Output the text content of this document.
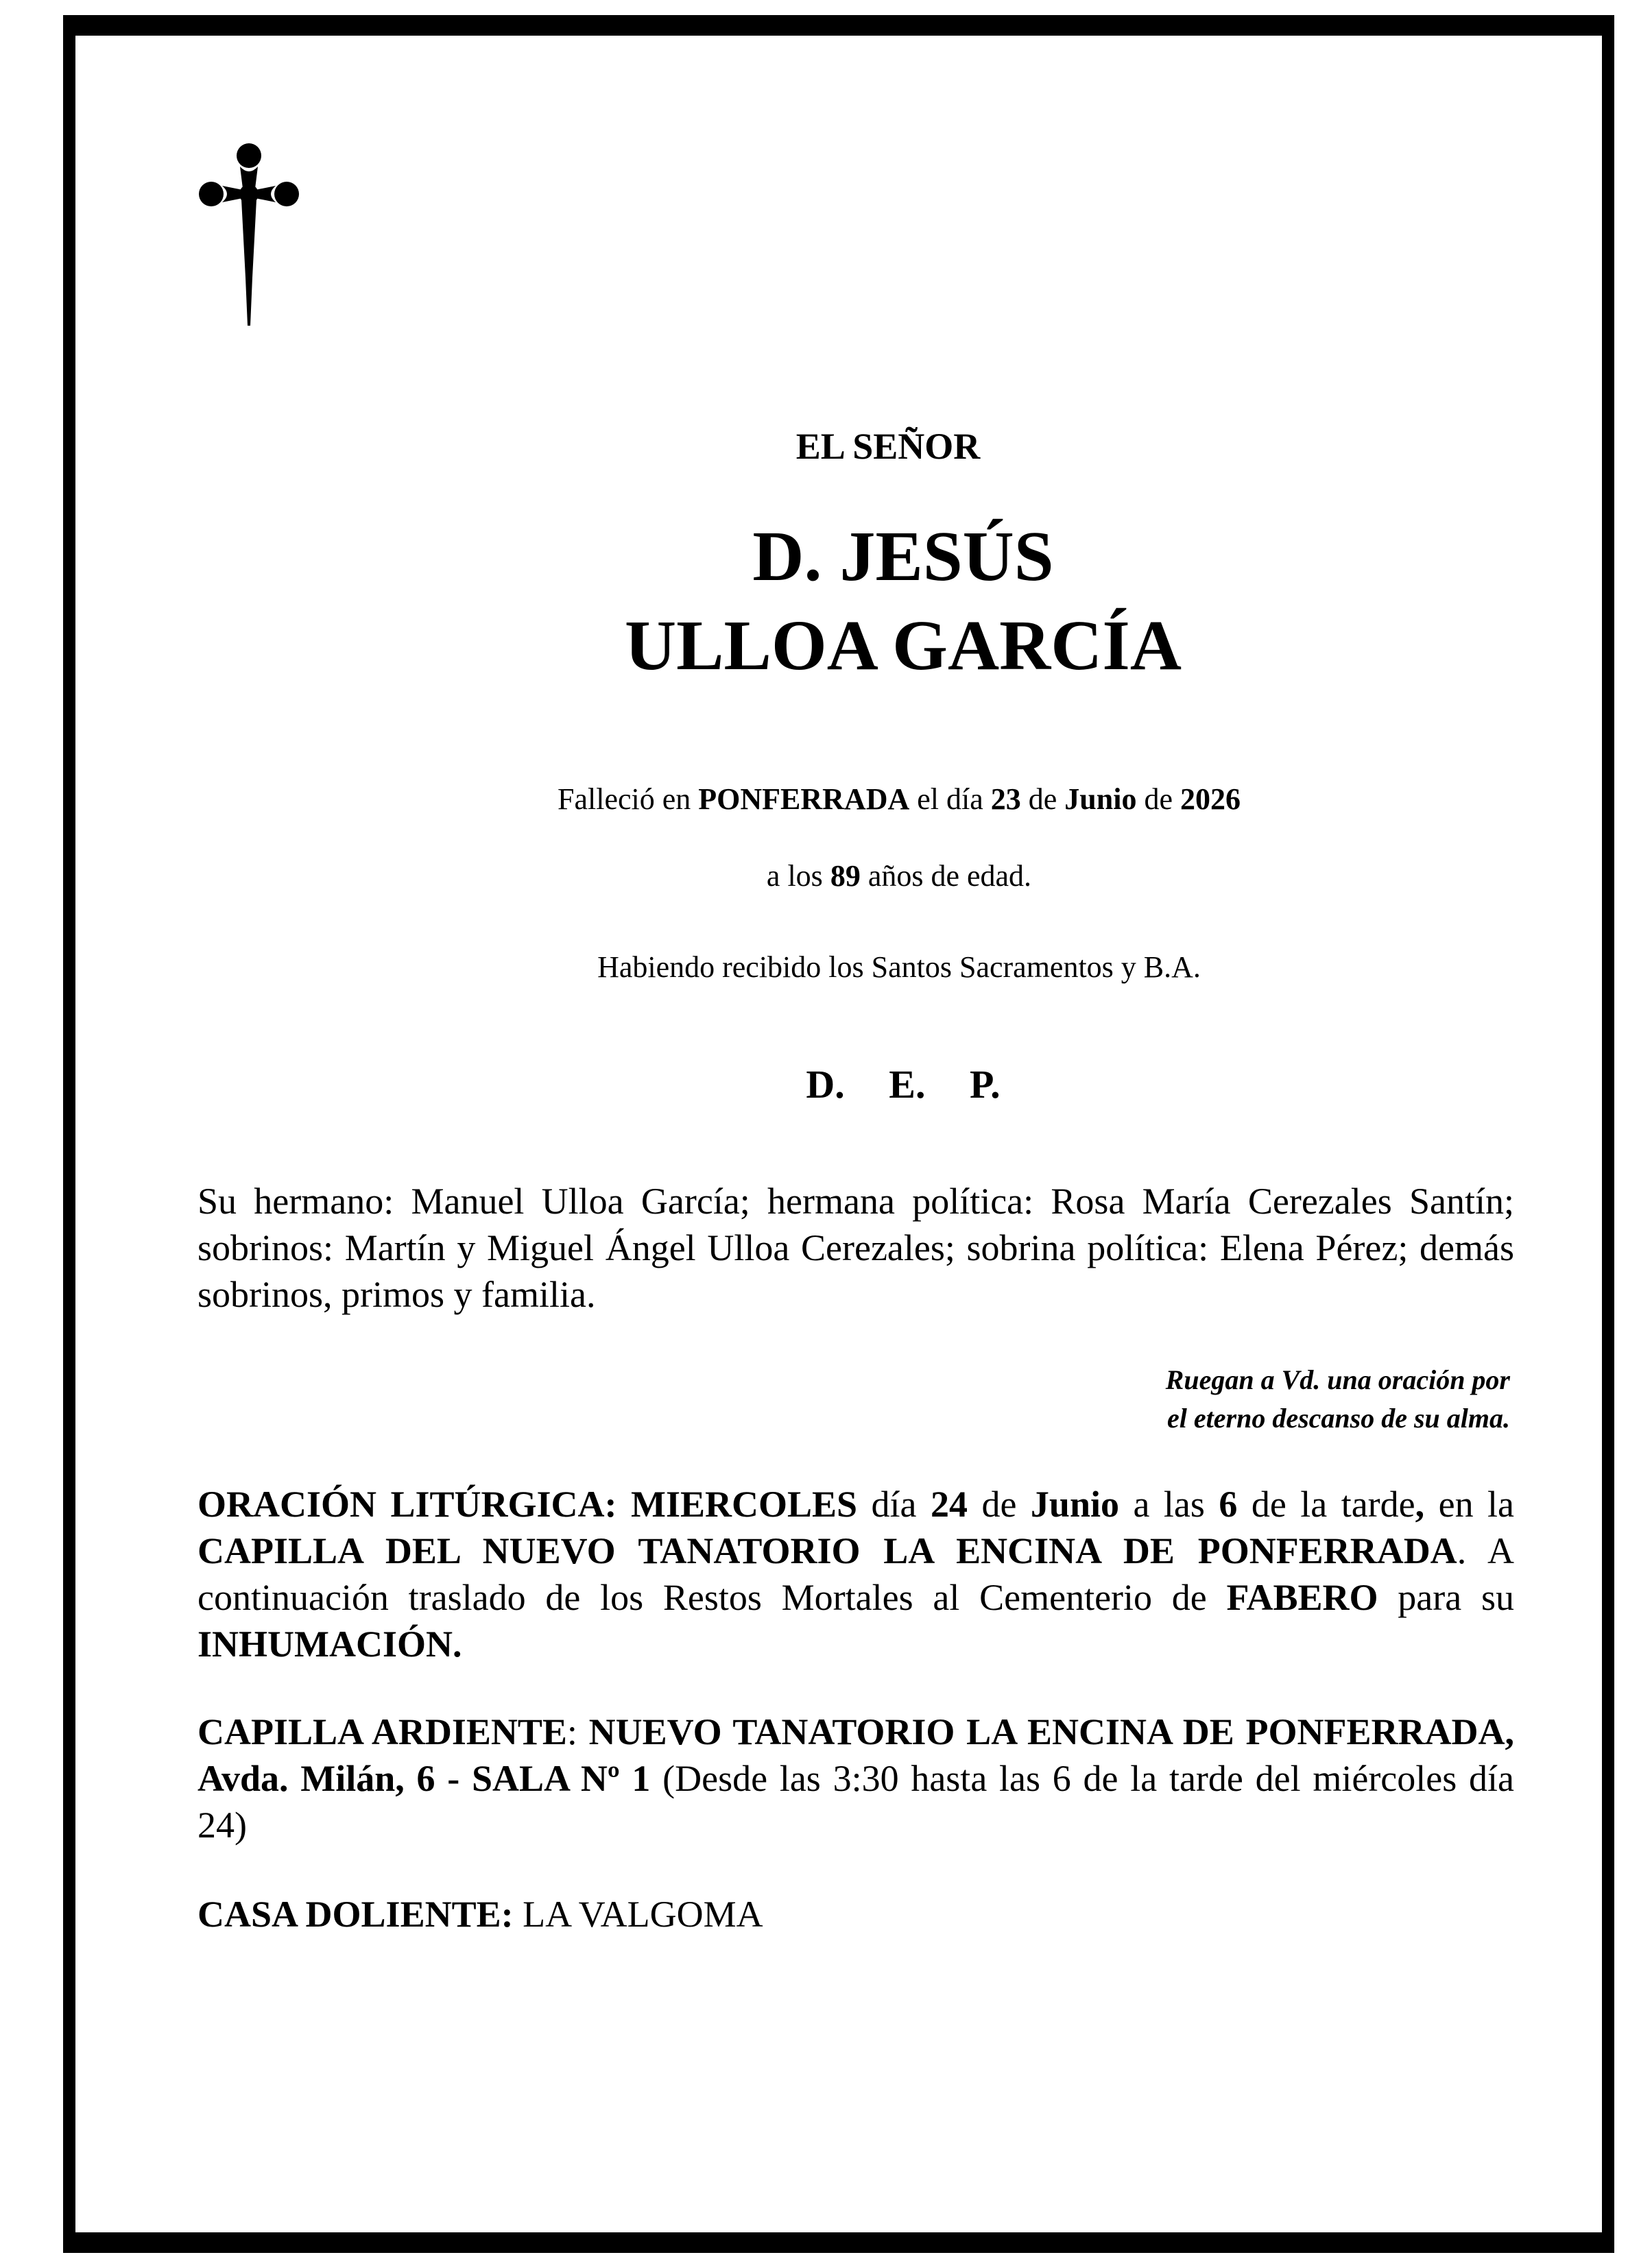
EL SEÑOR
D. JESÚS
ULLOA GARCÍA
Falleció en PONFERRADA el día 23 de Junio de 2026
a los 89 años de edad.
Habiendo recibido los Santos Sacramentos y B.A.
D. E. P.
Su hermano: Manuel Ulloa García; hermana política: Rosa María Cerezales Santín; sobrinos: Martín y Miguel Ángel Ulloa Cerezales; sobrina política: Elena Pérez; demás sobrinos, primos y familia.
Ruegan a Vd. una oración por
el eterno descanso de su alma.
ORACIÓN LITÚRGICA: MIERCOLES día 24 de Junio a las 6 de la tarde, en la CAPILLA DEL NUEVO TANATORIO LA ENCINA DE PONFERRADA. A continuación traslado de los Restos Mortales al Cementerio de FABERO para su INHUMACIÓN.
CAPILLA ARDIENTE: NUEVO TANATORIO LA ENCINA DE PONFERRADA, Avda. Milán, 6 - SALA Nº 1 (Desde las 3:30 hasta las 6 de la tarde del miércoles día 24)
CASA DOLIENTE: LA VALGOMA
